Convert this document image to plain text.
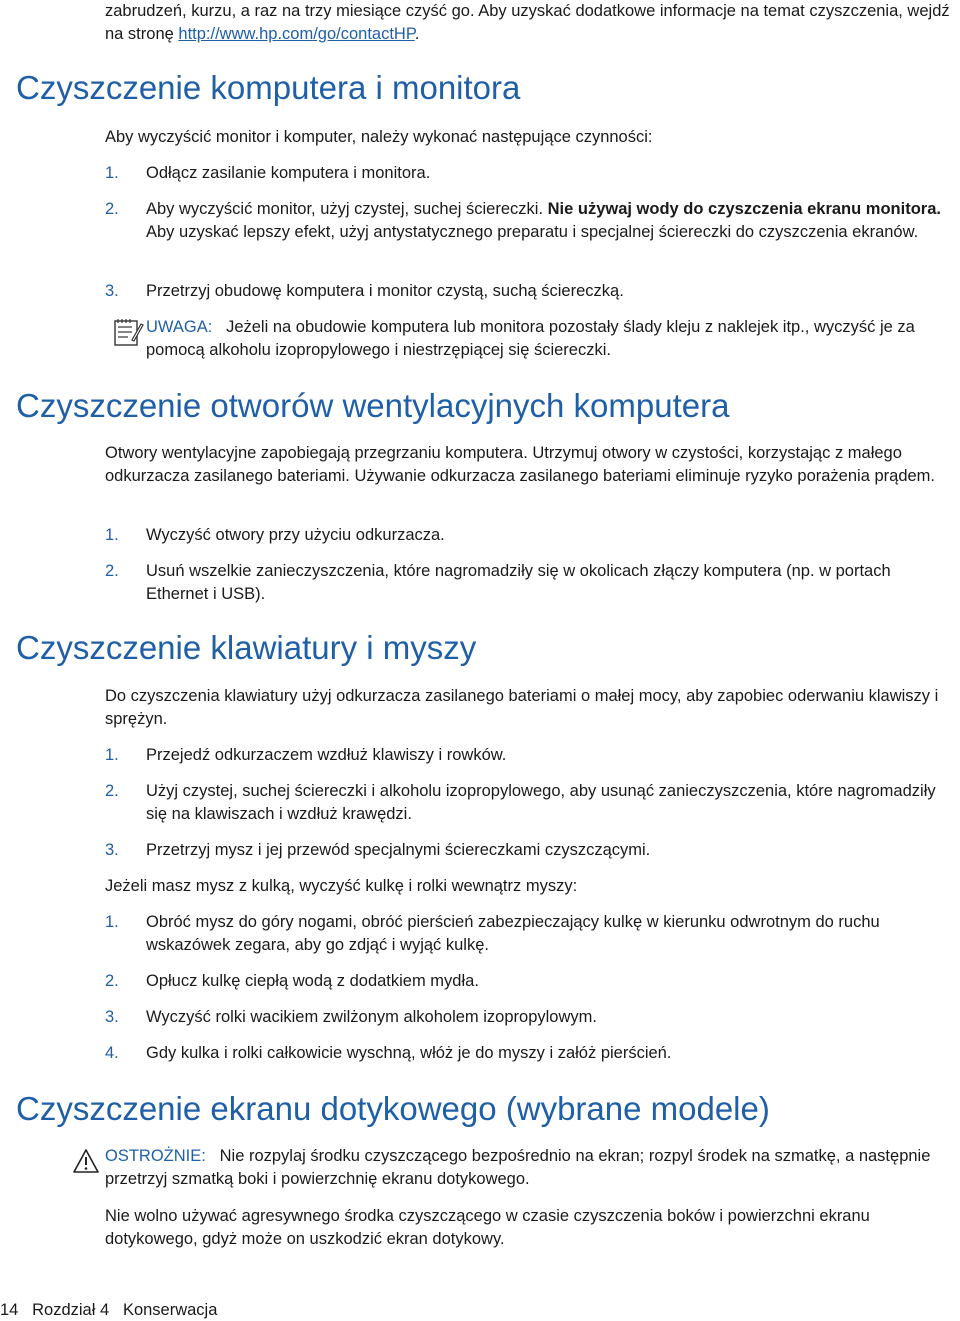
zabrudzeń, kurzu, a raz na trzy miesiące czyść go. Aby uzyskać dodatkowe informacje na temat czyszczenia, wejdź na stronę http://www.hp.com/go/contactHP.

Czyszczenie komputera i monitora

Aby wyczyścić monitor i komputer, należy wykonać następujące czynności:

1. Odłącz zasilanie komputera i monitora.
2. Aby wyczyścić monitor, użyj czystej, suchej ściereczki. Nie używaj wody do czyszczenia ekranu monitora. Aby uzyskać lepszy efekt, użyj antystatycznego preparatu i specjalnej ściereczki do czyszczenia ekranów.
3. Przetrzyj obudowę komputera i monitor czystą, suchą ściereczką.
UWAGA: Jeżeli na obudowie komputera lub monitora pozostały ślady kleju z naklejek itp., wyczyść je za pomocą alkoholu izopropylowego i niestrzępiącej się ściereczki.
Czyszczenie otworów wentylacyjnych komputera

Otwory wentylacyjne zapobiegają przegrzaniu komputera. Utrzymuj otwory w czystości, korzystając z małego odkurzacza zasilanego bateriami. Używanie odkurzacza zasilanego bateriami eliminuje ryzyko porażenia prądem.

1. Wyczyść otwory przy użyciu odkurzacza.
2. Usuń wszelkie zanieczyszczenia, które nagromadziły się w okolicach złączy komputera (np. w portach Ethernet i USB).
Czyszczenie klawiatury i myszy

Do czyszczenia klawiatury użyj odkurzacza zasilanego bateriami o małej mocy, aby zapobiec oderwaniu klawiszy i sprężyn.

1. Przejedź odkurzaczem wzdłuż klawiszy i rowków.
2. Użyj czystej, suchej ściereczki i alkoholu izopropylowego, aby usunąć zanieczyszczenia, które nagromadziły się na klawiszach i wzdłuż krawędzi.
3. Przetrzyj mysz i jej przewód specjalnymi ściereczkami czyszczącymi.

Jeżeli masz mysz z kulką, wyczyść kulkę i rolki wewnątrz myszy:

1. Obróć mysz do góry nogami, obróć pierścień zabezpieczający kulkę w kierunku odwrotnym do ruchu wskazówek zegara, aby go zdjąć i wyjąć kulkę.
2. Opłucz kulkę ciepłą wodą z dodatkiem mydła.
3. Wyczyść rolki wacikiem zwilżonym alkoholem izopropylowym.
4. Gdy kulka i rolki całkowicie wyschną, włóż je do myszy i załóż pierścień.
Czyszczenie ekranu dotykowego (wybrane modele)
OSTROŻNIE: Nie rozpylaj środku czyszczącego bezpośrednio na ekran; rozpyl środek na szmatkę, a następnie przetrzyj szmatką boki i powierzchnię ekranu dotykowego.

Nie wolno używać agresywnego środka czyszczącego w czasie czyszczenia boków i powierzchni ekranu dotykowego, gdyż może on uszkodzić ekran dotykowy.

14 Rozdział 4 Konserwacja
